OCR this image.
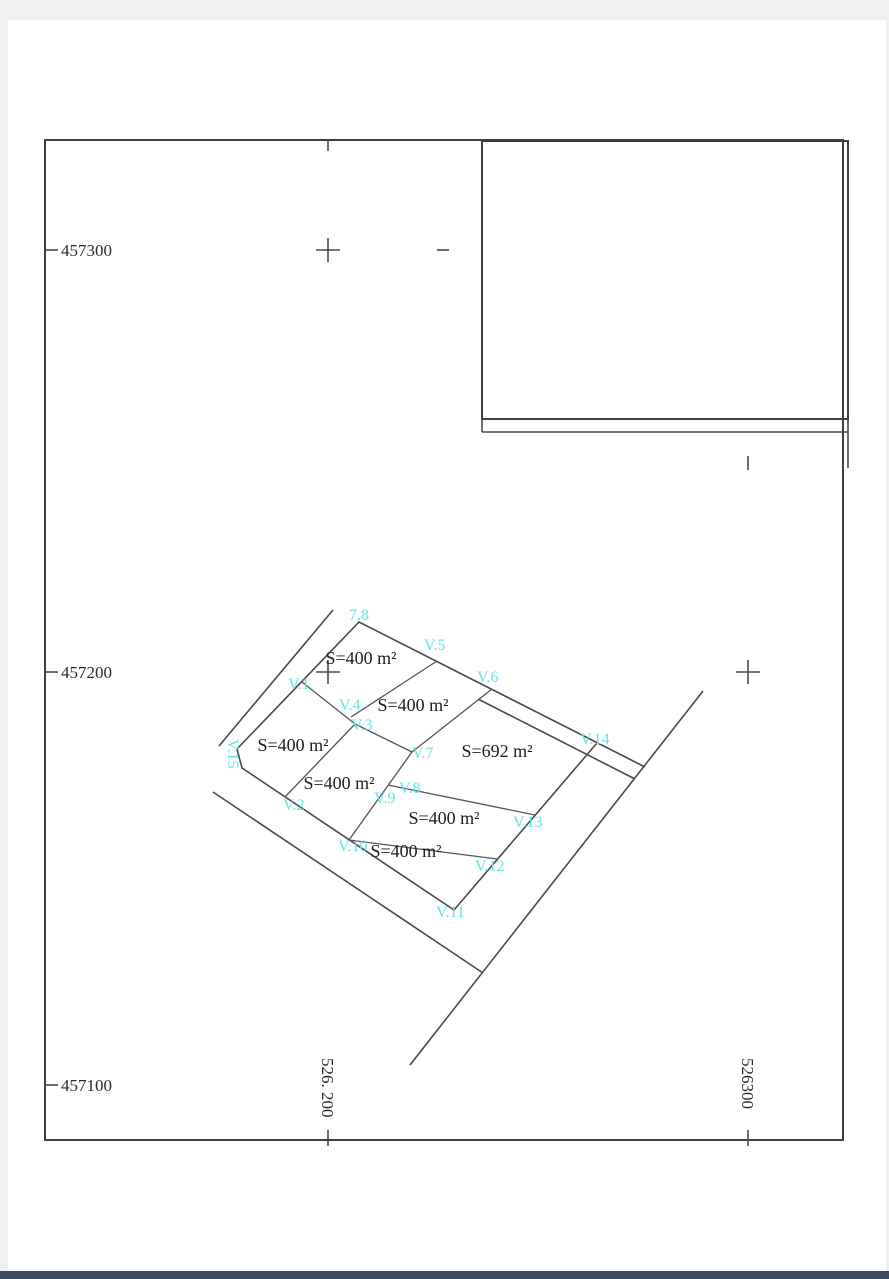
7.8
V.1
V.2
V.3
V.4
V.5
V.6
V.7
V.8
V.9
V.10
V.11
V.12
V.13
V.14
V.15
S=400 m²
S=400 m²
S=400 m²
S=400 m²
S=692 m²
S=400 m²
S=400 m²
457300
457200
457100	526. 200	526300
